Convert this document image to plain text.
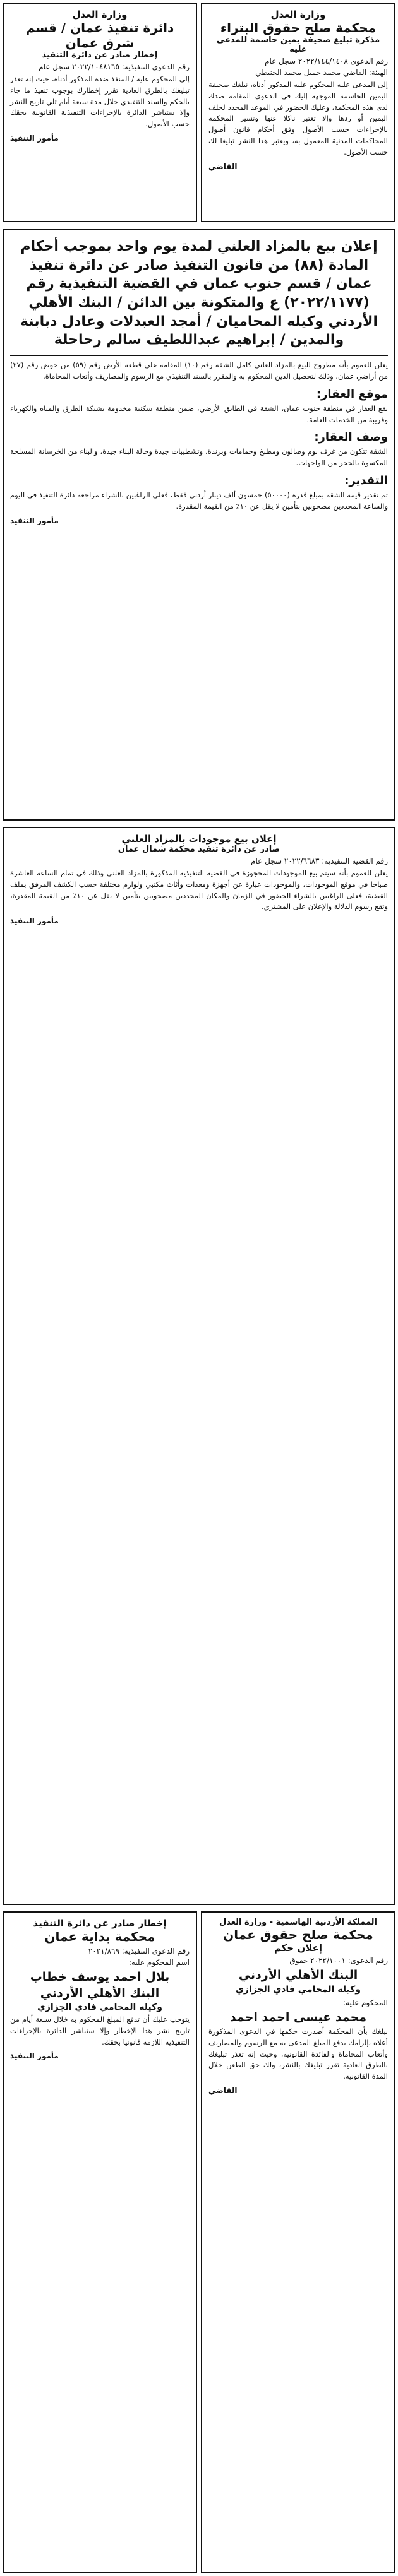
وزارة العدل
محكمة صلح حقوق البتراء
مذكرة تبليغ صحيفة يمين حاسمة للمدعى عليه
رقم الدعوى ٢٠٢٢/١٤٤/١٤٠٨ سجل عام
الهيئة: القاضي محمد جميل محمد الحنيطي

إلى المدعى عليه المحكوم عليه المذكور أدناه، نبلغك صحيفة اليمين الحاسمة الموجهة إليك في الدعوى المقامة ضدك لدى هذه المحكمة، وعليك الحضور في الموعد المحدد لحلف اليمين أو ردها وإلا تعتبر ناكلا عنها وتسير المحكمة بالإجراءات حسب الأصول وفق أحكام قانون أصول المحاكمات المدنية المعمول به، ويعتبر هذا النشر تبليغا لك حسب الأصول.

القاضي
وزارة العدل
دائرة تنفيذ عمان / قسم شرق عمان
إخطار صادر عن دائرة التنفيذ
رقم الدعوى التنفيذية: ٢٠٢٢/١٠٤٨١٦٥ سجل عام

إلى المحكوم عليه / المنفذ ضده المذكور أدناه، حيث إنه تعذر تبليغك بالطرق العادية تقرر إخطارك بوجوب تنفيذ ما جاء بالحكم والسند التنفيذي خلال مدة سبعة أيام تلي تاريخ النشر وإلا ستباشر الدائرة بالإجراءات التنفيذية القانونية بحقك حسب الأصول.

مأمور التنفيذ
إعلان بيع بالمزاد العلني لمدة يوم واحد بموجب أحكام المادة (٨٨) من قانون التنفيذ صادر عن دائرة تنفيذ عمان / قسم جنوب عمان في القضية التنفيذية رقم (٢٠٢٢/١١٧٧) ع والمتكونة بين الدائن / البنك الأهلي الأردني وكيله المحاميان / أمجد العبدلات وعادل دبابنة والمدين / إبراهيم عبداللطيف سالم رحاحلة

يعلن للعموم بأنه مطروح للبيع بالمزاد العلني كامل الشقة رقم (١٠) المقامة على قطعة الأرض رقم (٥٩) من حوض رقم (٢٧) من أراضي عمان، وذلك لتحصيل الدين المحكوم به والمقرر بالسند التنفيذي مع الرسوم والمصاريف وأتعاب المحاماة.

موقع العقار:

يقع العقار في منطقة جنوب عمان، الشقة في الطابق الأرضي، ضمن منطقة سكنية مخدومة بشبكة الطرق والمياه والكهرباء وقريبة من الخدمات العامة.

وصف العقار:

الشقة تتكون من غرف نوم وصالون ومطبخ وحمامات وبرندة، وتشطيبات جيدة وحالة البناء جيدة، والبناء من الخرسانة المسلحة المكسوة بالحجر من الواجهات.

التقدير:

تم تقدير قيمة الشقة بمبلغ قدره (٥٠٠٠٠) خمسون ألف دينار أردني فقط، فعلى الراغبين بالشراء مراجعة دائرة التنفيذ في اليوم والساعة المحددين مصحوبين بتأمين لا يقل عن ١٠٪ من القيمة المقدرة.

مأمور التنفيذ
إعلان بيع موجودات بالمزاد العلني
صادر عن دائرة تنفيذ محكمة شمال عمان
رقم القضية التنفيذية: ٢٠٢٢/٦٦٨٣ سجل عام

يعلن للعموم بأنه سيتم بيع الموجودات المحجوزة في القضية التنفيذية المذكورة بالمزاد العلني وذلك في تمام الساعة العاشرة صباحا في موقع الموجودات، والموجودات عبارة عن أجهزة ومعدات وأثاث مكتبي ولوازم مختلفة حسب الكشف المرفق بملف القضية، فعلى الراغبين بالشراء الحضور في الزمان والمكان المحددين مصحوبين بتأمين لا يقل عن ١٠٪ من القيمة المقدرة، وتقع رسوم الدلالة والإعلان على المشتري.

مأمور التنفيذ
المملكة الأردنية الهاشمية - وزارة العدل
محكمة صلح حقوق عمان
إعلان حكم
رقم الدعوى: ٢٠٢٢/١٠٠١ حقوق
البنك الأهلي الأردني
وكيله المحامي فادي الجزازي
المحكوم عليه:
محمد عيسى احمد احمد

نبلغك بأن المحكمة أصدرت حكمها في الدعوى المذكورة أعلاه بإلزامك بدفع المبلغ المدعى به مع الرسوم والمصاريف وأتعاب المحاماة والفائدة القانونية، وحيث إنه تعذر تبليغك بالطرق العادية تقرر تبليغك بالنشر، ولك حق الطعن خلال المدة القانونية.

القاضي
إخطار صادر عن دائرة التنفيذ
محكمة بداية عمان
رقم الدعوى التنفيذية: ٢٠٢١/٨٦٩
اسم المحكوم عليه:
بلال احمد يوسف خطاب
البنك الأهلي الأردني
وكيله المحامي فادي الجزازي

يتوجب عليك أن تدفع المبلغ المحكوم به خلال سبعة أيام من تاريخ نشر هذا الإخطار وإلا ستباشر الدائرة بالإجراءات التنفيذية اللازمة قانونيا بحقك.

مأمور التنفيذ
